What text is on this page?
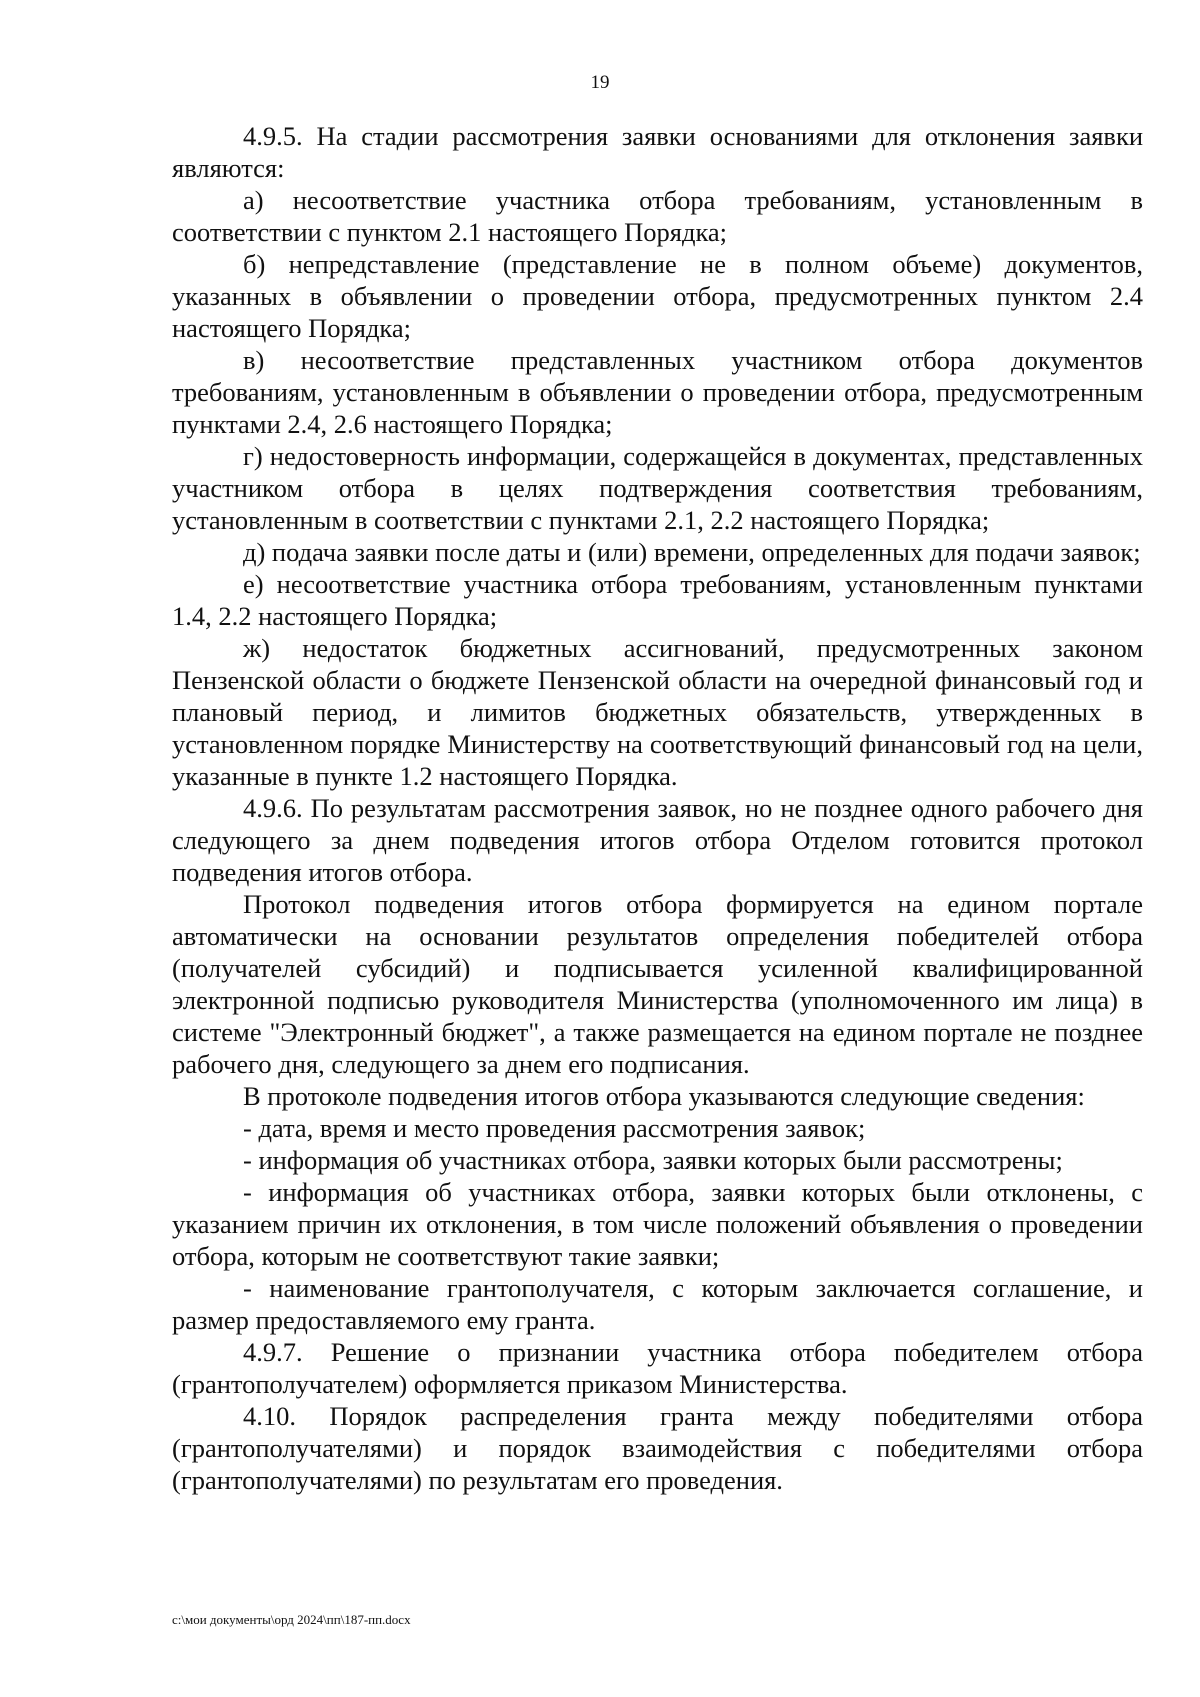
19

4.9.5. На стадии рассмотрения заявки основаниями для отклонения заявки являются:

а) несоответствие участника отбора требованиям, установленным в соответствии с пунктом 2.1 настоящего Порядка;

б) непредставление (представление не в полном объеме) документов, указанных в объявлении о проведении отбора, предусмотренных пунктом 2.4 настоящего Порядка;

в) несоответствие представленных участником отбора документов требованиям, установленным в объявлении о проведении отбора, предусмотренным пунктами 2.4, 2.6 настоящего Порядка;

г) недостоверность информации, содержащейся в документах, представленных участником отбора в целях подтверждения соответствия требованиям, установленным в соответствии с пунктами 2.1, 2.2 настоящего Порядка;

д) подача заявки после даты и (или) времени, определенных для подачи заявок;

е) несоответствие участника отбора требованиям, установленным пунктами 1.4, 2.2 настоящего Порядка;

ж) недостаток бюджетных ассигнований, предусмотренных законом Пензенской области о бюджете Пензенской области на очередной финансовый год и плановый период, и лимитов бюджетных обязательств, утвержденных в установленном порядке Министерству на соответствующий финансовый год на цели, указанные в пункте 1.2 настоящего Порядка.

4.9.6. По результатам рассмотрения заявок, но не позднее одного рабочего дня следующего за днем подведения итогов отбора Отделом готовится протокол подведения итогов отбора.

Протокол подведения итогов отбора формируется на едином портале автоматически на основании результатов определения победителей отбора (получателей субсидий) и подписывается усиленной квалифицированной электронной подписью руководителя Министерства (уполномоченного им лица) в системе "Электронный бюджет", а также размещается на едином портале не позднее рабочего дня, следующего за днем его подписания.

В протоколе подведения итогов отбора указываются следующие сведения:

- дата, время и место проведения рассмотрения заявок;

- информация об участниках отбора, заявки которых были рассмотрены;

- информация об участниках отбора, заявки которых были отклонены, с указанием причин их отклонения, в том числе положений объявления о проведении отбора, которым не соответствуют такие заявки;

- наименование грантополучателя, с которым заключается соглашение, и размер предоставляемого ему гранта.

4.9.7. Решение о признании участника отбора победителем отбора (грантополучателем) оформляется приказом Министерства.

4.10. Порядок распределения гранта между победителями отбора (грантополучателями) и порядок взаимодействия с победителями отбора (грантополучателями) по результатам его проведения.

c:\мои документы\орд 2024\пп\187-пп.docx
